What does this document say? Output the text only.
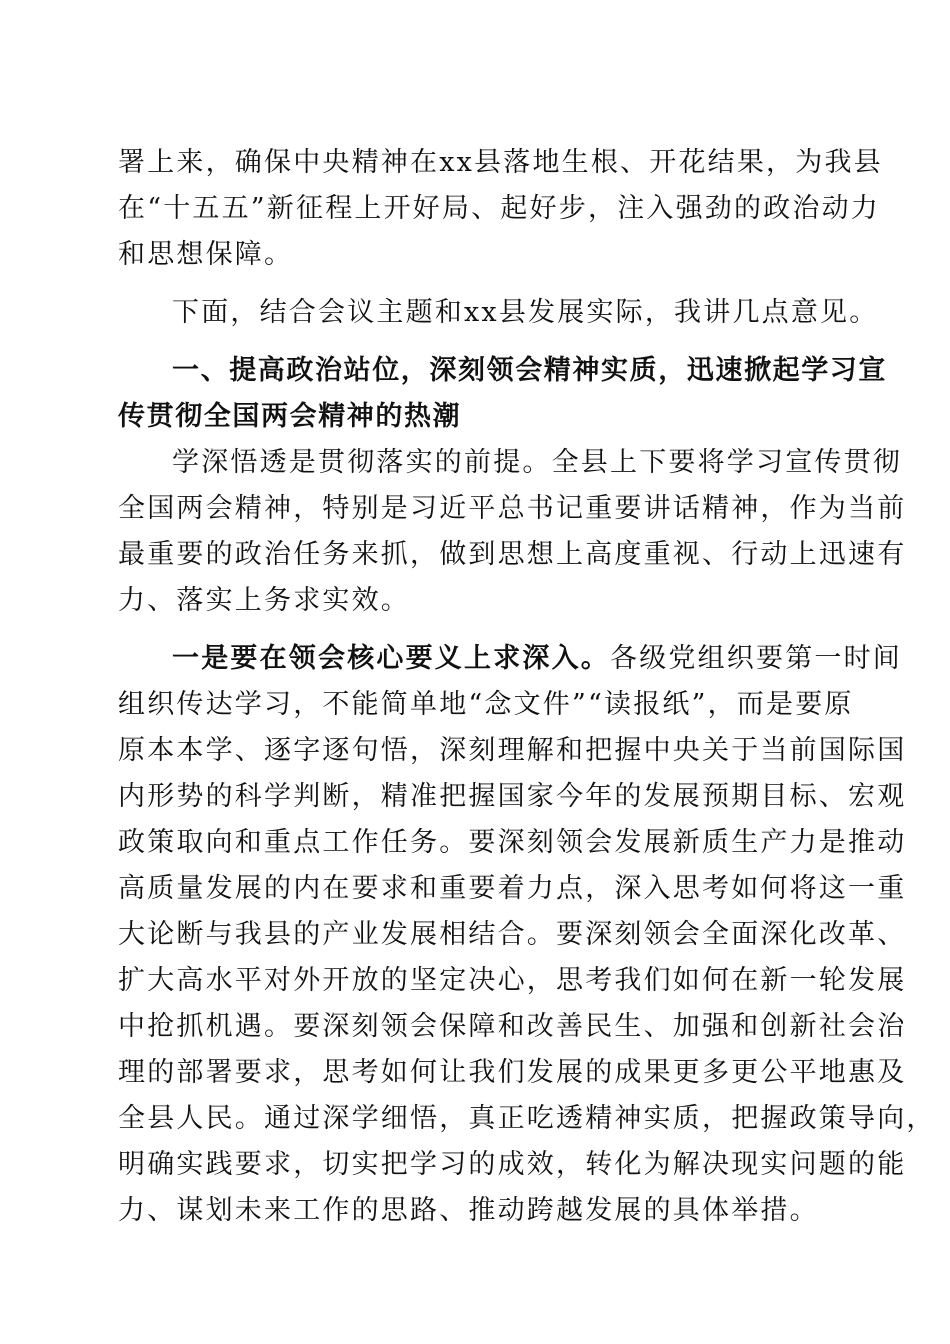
署上来，确保中央精神在xx县落地生根、开花结果，为我县
在“十五五”新征程上开好局、起好步，注入强劲的政治动力
和思想保障。
下面，结合会议主题和xx县发展实际，我讲几点意见。
一、提高政治站位，深刻领会精神实质，迅速掀起学习宣
传贯彻全国两会精神的热潮
学深悟透是贯彻落实的前提。全县上下要将学习宣传贯彻
全国两会精神，特别是习近平总书记重要讲话精神，作为当前
最重要的政治任务来抓，做到思想上高度重视、行动上迅速有
力、落实上务求实效。
一是要在领会核心要义上求深入。各级党组织要第一时间
组织传达学习，不能简单地“念文件”“读报纸”，而是要原
原本本学、逐字逐句悟，深刻理解和把握中央关于当前国际国
内形势的科学判断，精准把握国家今年的发展预期目标、宏观
政策取向和重点工作任务。要深刻领会发展新质生产力是推动
高质量发展的内在要求和重要着力点，深入思考如何将这一重
大论断与我县的产业发展相结合。要深刻领会全面深化改革、
扩大高水平对外开放的坚定决心，思考我们如何在新一轮发展
中抢抓机遇。要深刻领会保障和改善民生、加强和创新社会治
理的部署要求，思考如何让我们发展的成果更多更公平地惠及
全县人民。通过深学细悟，真正吃透精神实质，把握政策导向，
明确实践要求，切实把学习的成效，转化为解决现实问题的能
力、谋划未来工作的思路、推动跨越发展的具体举措。
